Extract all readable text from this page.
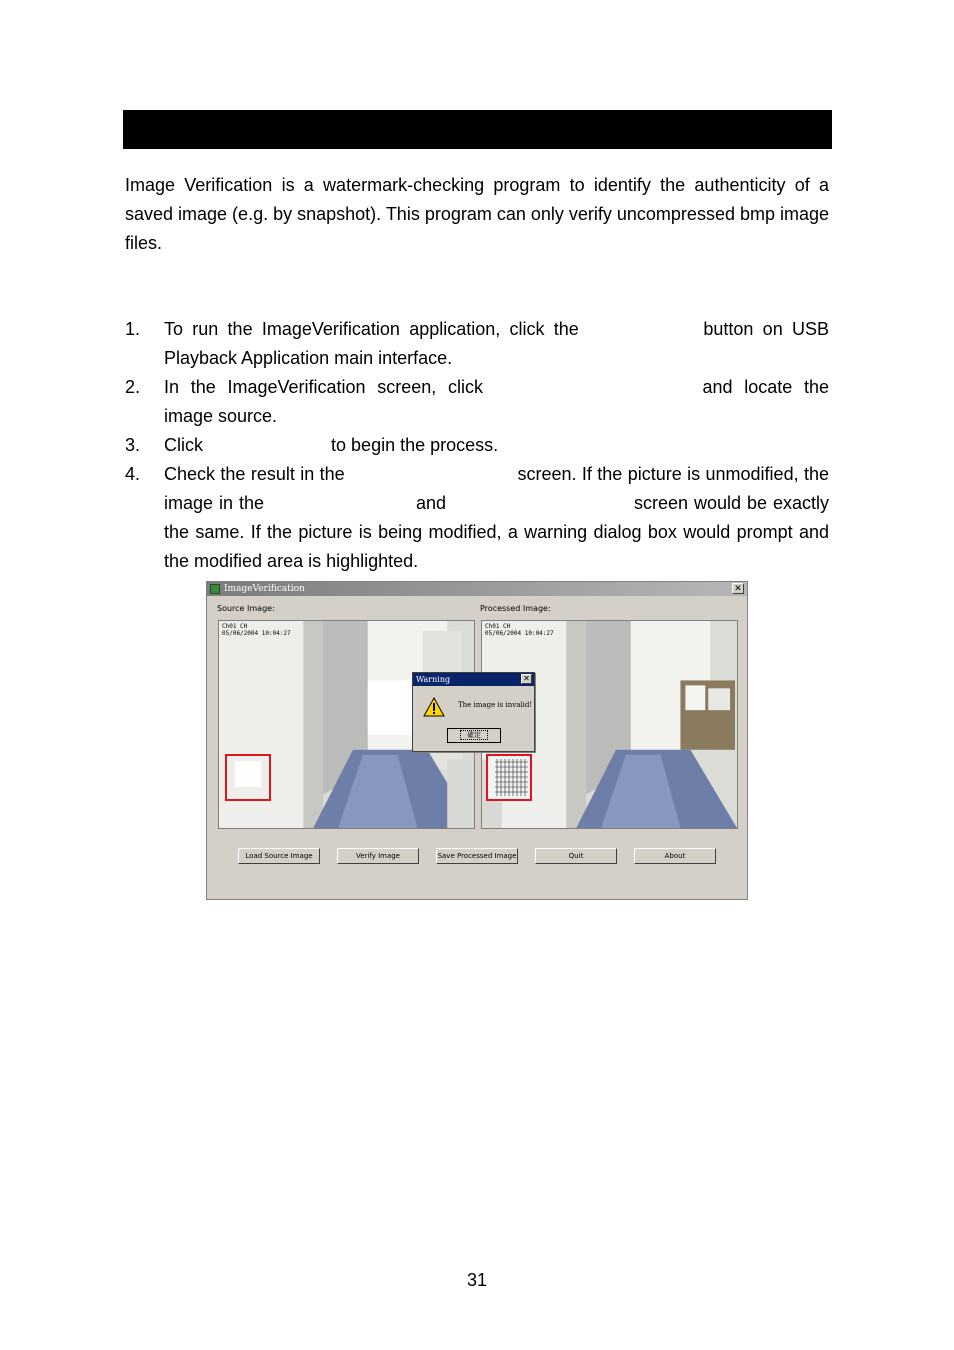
Image Verification is a watermark-checking program to identify the authenticity of a saved image (e.g. by snapshot). This program can only verify uncompressed bmp image files.

1. To run the ImageVerification application, click the	button on USB Playback Application main interface.
2. In the ImageVerification screen, click	and locate the image source.
3. Click	to begin the process.
4. Check the result in the	screen. If the picture is unmodified, the image in the	and	screen would be exactly the same. If the picture is being modified, a warning dialog box would prompt and the modified area is highlighted.
ImageVerification	✕
Source Image:	Processed Image:
Ch01 CH
05/06/2004 10:04:27
Ch01 CH
05/06/2004 10:04:27
Warning	✕
The image is invalid!
確定
Load Source Image	Verify Image	Save Processed Image	Quit	About
31
